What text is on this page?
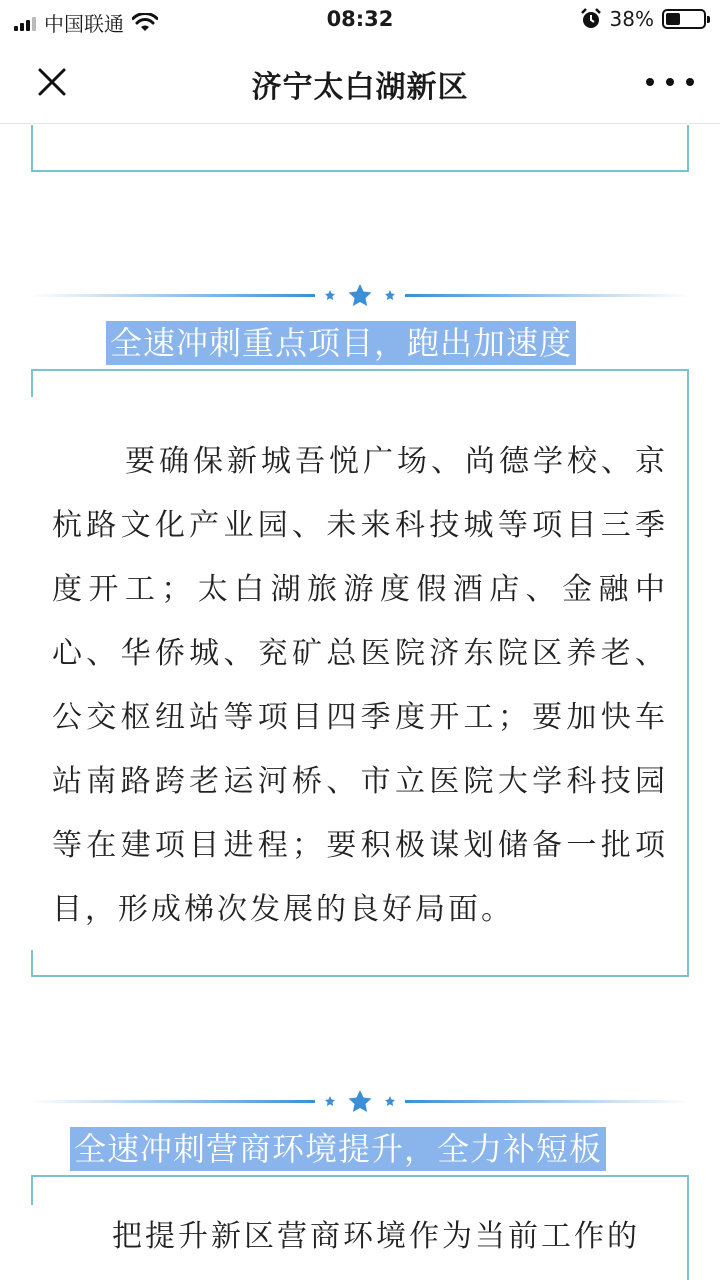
中国联通	08:32	38%
济宁太白湖新区
全速冲刺重点项目，跑出加速度
要确保新城吾悦广场、尚德学校、京杭路文化产业园、未来科技城等项目三季度开工；太白湖旅游度假酒店、金融中心、华侨城、兖矿总医院济东院区养老、公交枢纽站等项目四季度开工；要加快车站南路跨老运河桥、市立医院大学科技园等在建项目进程；要积极谋划储备一批项目，形成梯次发展的良好局面。
全速冲刺营商环境提升，全力补短板
把提升新区营商环境作为当前工作的
